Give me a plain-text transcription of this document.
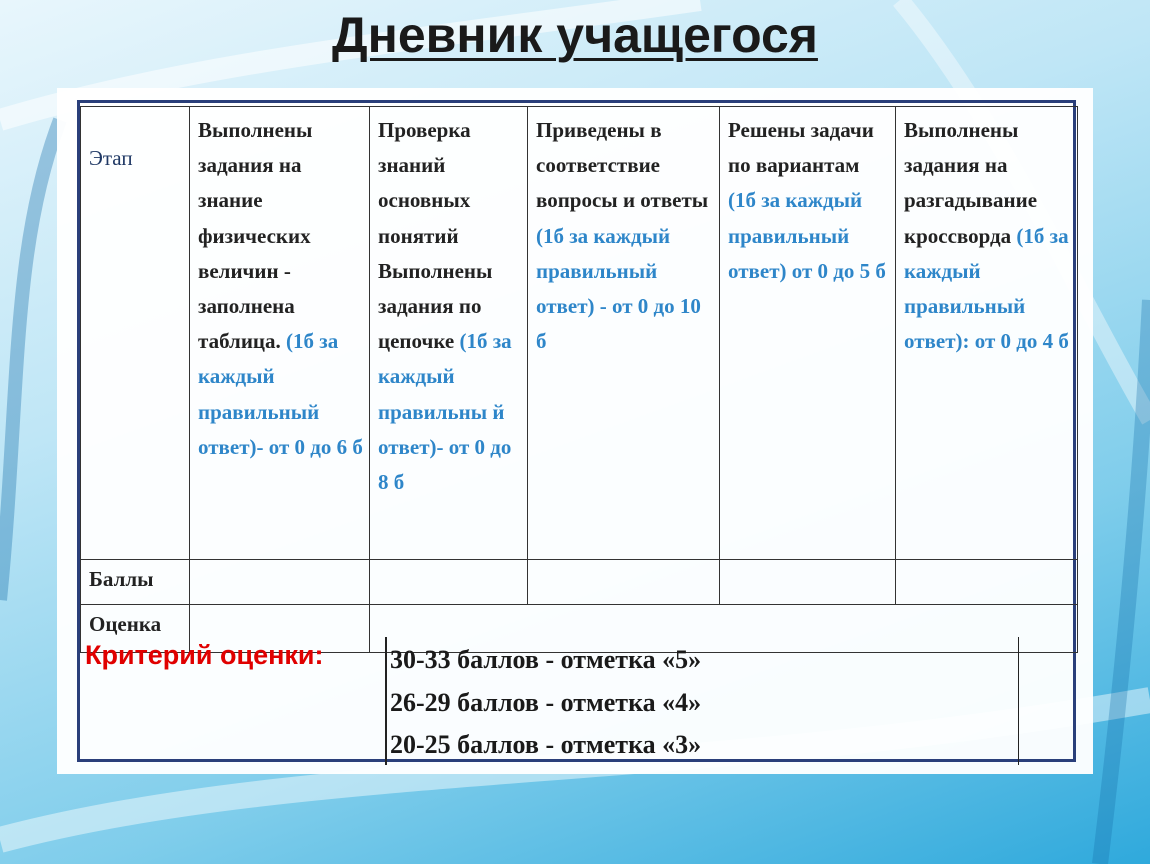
Дневник учащегося
Этап	Выполнены задания на знание физических величин - заполнена таблица. (1б за каждый правильный ответ)- от 0 до 6 б	Проверка знаний основных понятий Выполнены задания по цепочке (1б за каждый правильны й ответ)- от 0 до 8 б	Приведены в соответствие вопросы и ответы (1б за каждый правильный ответ) - от 0 до 10 б	Решены задачи по вариантам (1б за каждый правильный ответ) от 0 до 5 б	Выполнены задания на разгадывание кроссворда (1б за каждый правильный ответ): от 0 до 4 б
Баллы					
Оценка					
Критерий оценки:	30-33 баллов - отметка «5»
26-29 баллов - отметка «4»
20-25 баллов - отметка «3»
